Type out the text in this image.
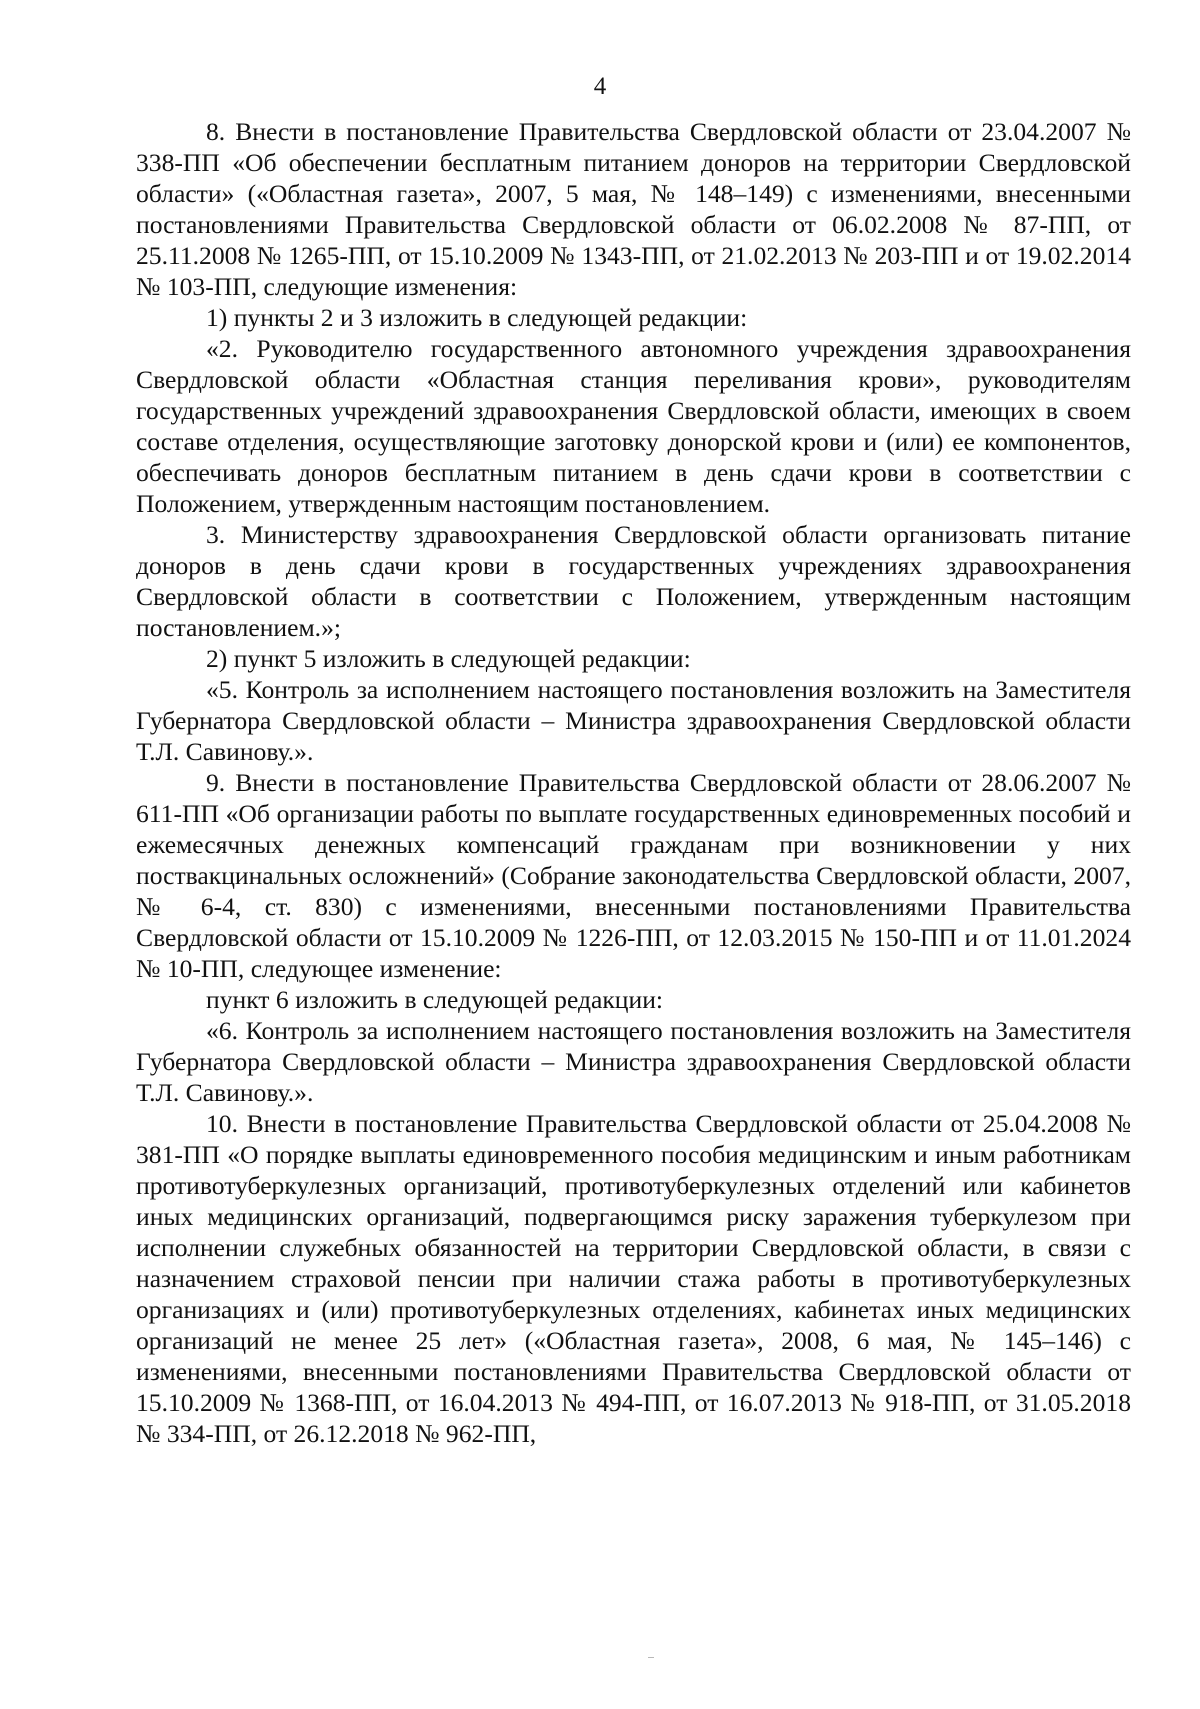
4

8. Внести в постановление Правительства Свердловской области от 23.04.2007 № 338-ПП «Об обеспечении бесплатным питанием доноров на территории Свердловской области» («Областная газета», 2007, 5 мая, № 148–149) с изменениями, внесенными постановлениями Правительства Свердловской области от 06.02.2008 № 87-ПП, от 25.11.2008 № 1265-ПП, от 15.10.2009 № 1343-ПП, от 21.02.2013 № 203-ПП и от 19.02.2014 № 103-ПП, следующие изменения:

1) пункты 2 и 3 изложить в следующей редакции:

«2. Руководителю государственного автономного учреждения здравоохранения Свердловской области «Областная станция переливания крови», руководителям государственных учреждений здравоохранения Свердловской области, имеющих в своем составе отделения, осуществляющие заготовку донорской крови и (или) ее компонентов, обеспечивать доноров бесплатным питанием в день сдачи крови в соответствии с Положением, утвержденным настоящим постановлением.

3. Министерству здравоохранения Свердловской области организовать питание доноров в день сдачи крови в государственных учреждениях здравоохранения Свердловской области в соответствии с Положением, утвержденным настоящим постановлением.»;

2) пункт 5 изложить в следующей редакции:

«5. Контроль за исполнением настоящего постановления возложить на Заместителя Губернатора Свердловской области – Министра здравоохранения Свердловской области Т.Л. Савинову.».

9. Внести в постановление Правительства Свердловской области от 28.06.2007 № 611-ПП «Об организации работы по выплате государственных единовременных пособий и ежемесячных денежных компенсаций гражданам при возникновении у них поствакцинальных осложнений» (Собрание законодательства Свердловской области, 2007, № 6-4, ст. 830) с изменениями, внесенными постановлениями Правительства Свердловской области от 15.10.2009 № 1226-ПП, от 12.03.2015 № 150-ПП и от 11.01.2024 № 10-ПП, следующее изменение:

пункт 6 изложить в следующей редакции:

«6. Контроль за исполнением настоящего постановления возложить на Заместителя Губернатора Свердловской области – Министра здравоохранения Свердловской области Т.Л. Савинову.».

10. Внести в постановление Правительства Свердловской области от 25.04.2008 № 381-ПП «О порядке выплаты единовременного пособия медицинским и иным работникам противотуберкулезных организаций, противотуберкулезных отделений или кабинетов иных медицинских организаций, подвергающимся риску заражения туберкулезом при исполнении служебных обязанностей на территории Свердловской области, в связи с назначением страховой пенсии при наличии стажа работы в противотуберкулезных организациях и (или) противотуберкулезных отделениях, кабинетах иных медицинских организаций не менее 25 лет» («Областная газета», 2008, 6 мая, № 145–146) с изменениями, внесенными постановлениями Правительства Свердловской области от 15.10.2009 № 1368-ПП, от 16.04.2013 № 494-ПП, от 16.07.2013 № 918-ПП, от 31.05.2018 № 334-ПП, от 26.12.2018 № 962-ПП,
